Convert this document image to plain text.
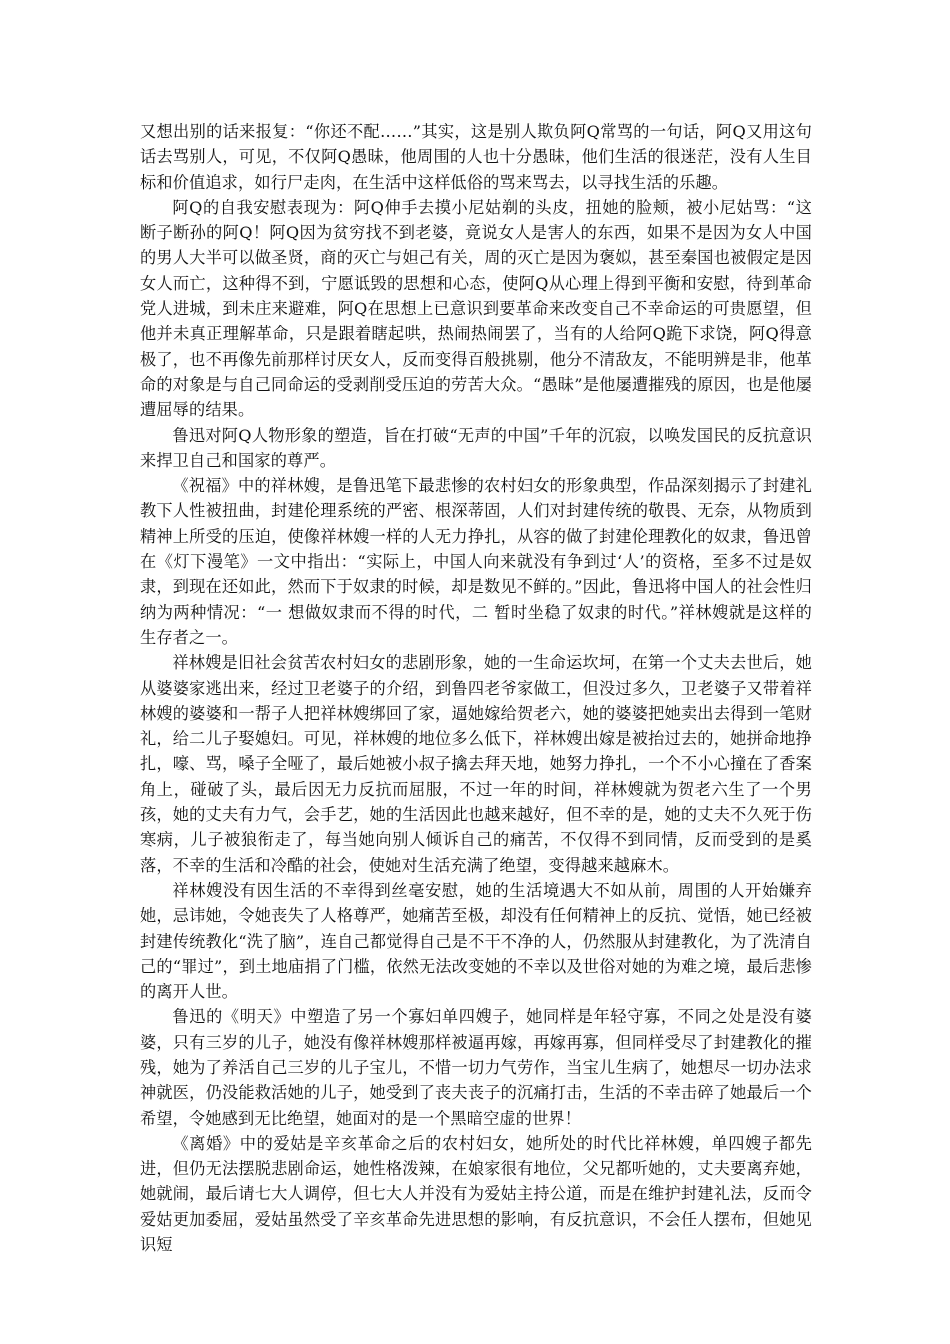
又想出别的话来报复：“你还不配……”其实，这是别人欺负阿Q常骂的一句话，阿Q又用这句话去骂别人，可见，不仅阿Q愚昧，他周围的人也十分愚昧，他们生活的很迷茫，没有人生目标和价值追求，如行尸走肉，在生活中这样低俗的骂来骂去，以寻找生活的乐趣。

阿Q的自我安慰表现为：阿Q伸手去摸小尼姑剃的头皮，扭她的脸颊，被小尼姑骂：“这断子断孙的阿Q！阿Q因为贫穷找不到老婆，竟说女人是害人的东西，如果不是因为女人中国的男人大半可以做圣贤，商的灭亡与妲己有关，周的灭亡是因为褒姒，甚至秦国也被假定是因女人而亡，这种得不到，宁愿诋毁的思想和心态，使阿Q从心理上得到平衡和安慰，待到革命党人进城，到未庄来避难，阿Q在思想上已意识到要革命来改变自己不幸命运的可贵愿望，但他并未真正理解革命，只是跟着瞎起哄，热闹热闹罢了，当有的人给阿Q跪下求饶，阿Q得意极了，也不再像先前那样讨厌女人，反而变得百般挑剔，他分不清敌友，不能明辨是非，他革命的对象是与自己同命运的受剥削受压迫的劳苦大众。“愚昧”是他屡遭摧残的原因，也是他屡遭屈辱的结果。

鲁迅对阿Q人物形象的塑造，旨在打破“无声的中国”千年的沉寂，以唤发国民的反抗意识来捍卫自己和国家的尊严。

《祝福》中的祥林嫂，是鲁迅笔下最悲惨的农村妇女的形象典型，作品深刻揭示了封建礼教下人性被扭曲，封建伦理系统的严密、根深蒂固，人们对封建传统的敬畏、无奈，从物质到精神上所受的压迫，使像祥林嫂一样的人无力挣扎，从容的做了封建伦理教化的奴隶，鲁迅曾在《灯下漫笔》一文中指出：“实际上，中国人向来就没有争到过‘人’的资格，至多不过是奴隶，到现在还如此，然而下于奴隶的时候，却是数见不鲜的。”因此，鲁迅将中国人的社会性归纳为两种情况：“一 想做奴隶而不得的时代，二 暂时坐稳了奴隶的时代。”祥林嫂就是这样的生存者之一。

祥林嫂是旧社会贫苦农村妇女的悲剧形象，她的一生命运坎坷，在第一个丈夫去世后，她从婆婆家逃出来，经过卫老婆子的介绍，到鲁四老爷家做工，但没过多久，卫老婆子又带着祥林嫂的婆婆和一帮子人把祥林嫂绑回了家，逼她嫁给贺老六，她的婆婆把她卖出去得到一笔财礼，给二儿子娶媳妇。可见，祥林嫂的地位多么低下，祥林嫂出嫁是被抬过去的，她拼命地挣扎，嚎、骂，嗓子全哑了，最后她被小叔子擒去拜天地，她努力挣扎，一个不小心撞在了香案角上，碰破了头，最后因无力反抗而屈服，不过一年的时间，祥林嫂就为贺老六生了一个男孩，她的丈夫有力气，会手艺，她的生活因此也越来越好，但不幸的是，她的丈夫不久死于伤寒病，儿子被狼衔走了，每当她向别人倾诉自己的痛苦，不仅得不到同情，反而受到的是奚落，不幸的生活和冷酷的社会，使她对生活充满了绝望，变得越来越麻木。

祥林嫂没有因生活的不幸得到丝毫安慰，她的生活境遇大不如从前，周围的人开始嫌弃她，忌讳她，令她丧失了人格尊严，她痛苦至极，却没有任何精神上的反抗、觉悟，她已经被封建传统教化“洗了脑”，连自己都觉得自己是不干不净的人，仍然服从封建教化，为了洗清自己的“罪过”，到土地庙捐了门槛，依然无法改变她的不幸以及世俗对她的为难之境，最后悲惨的离开人世。

鲁迅的《明天》中塑造了另一个寡妇单四嫂子，她同样是年轻守寡，不同之处是没有婆婆，只有三岁的儿子，她没有像祥林嫂那样被逼再嫁，再嫁再寡，但同样受尽了封建教化的摧残，她为了养活自己三岁的儿子宝儿，不惜一切力气劳作，当宝儿生病了，她想尽一切办法求神就医，仍没能救活她的儿子，她受到了丧夫丧子的沉痛打击，生活的不幸击碎了她最后一个希望，令她感到无比绝望，她面对的是一个黑暗空虚的世界！

《离婚》中的爱姑是辛亥革命之后的农村妇女，她所处的时代比祥林嫂，单四嫂子都先进，但仍无法摆脱悲剧命运，她性格泼辣，在娘家很有地位，父兄都听她的，丈夫要离弃她，她就闹，最后请七大人调停，但七大人并没有为爱姑主持公道，而是在维护封建礼法，反而令爱姑更加委屈，爱姑虽然受了辛亥革命先进思想的影响，有反抗意识，不会任人摆布，但她见识短
